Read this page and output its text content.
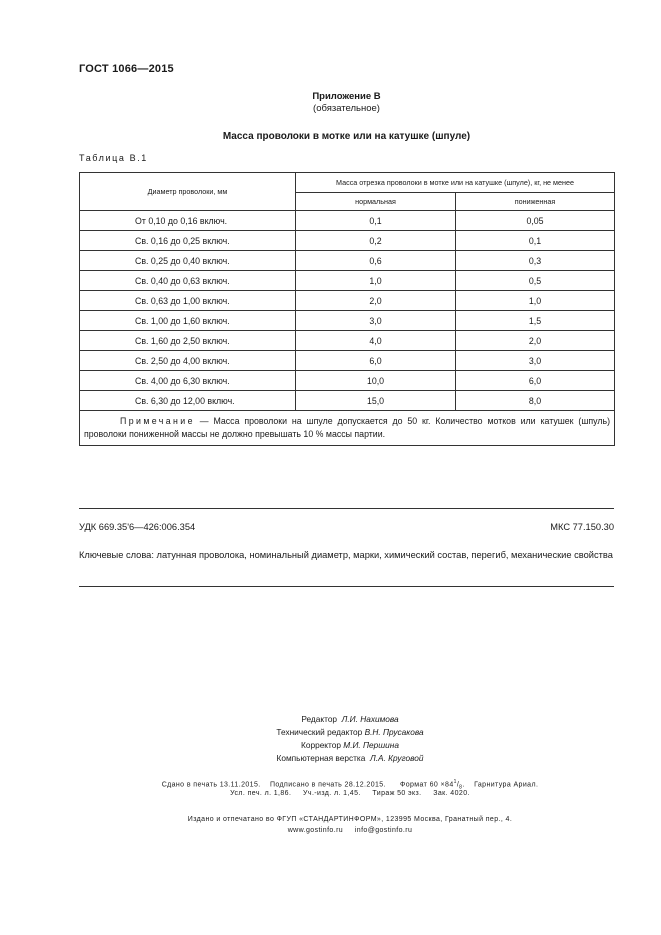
ГОСТ 1066—2015
Приложение В
(обязательное)
Масса проволоки в мотке или на катушке (шпуле)
Таблица В.1
Диаметр проволоки, мм	Масса отрезка проволоки в мотке или на катушке (шпуле), кг, не менее	
	нормальная	пониженная
От 0,10 до 0,16 включ.	0,1	0,05
Св. 0,16 до 0,25 включ.	0,2	0,1
Св. 0,25 до 0,40 включ.	0,6	0,3
Св. 0,40 до 0,63 включ.	1,0	0,5
Св. 0,63 до 1,00 включ.	2,0	1,0
Св. 1,00 до 1,60 включ.	3,0	1,5
Св. 1,60 до 2,50 включ.	4,0	2,0
Св. 2,50 до 4,00 включ.	6,0	3,0
Св. 4,00 до 6,30 включ.	10,0	6,0
Св. 6,30 до 12,00 включ.	15,0	8,0
Примечание — Масса проволоки на шпуле допускается до 50 кг. Количество мотков или катушек (шпуль) проволоки пониженной массы не должно превышать 10 % массы партии.		
УДК 669.35'6—426:006.354	МКС 77.150.30
Ключевые слова: латунная проволока, номинальный диаметр, марки, химический состав, перегиб, механические свойства
Редактор Л.И. Нахимова
Технический редактор В.Н. Прусакова
Корректор М.И. Першина
Компьютерная верстка Л.А. Круговой
Сдано в печать 13.11.2015. Подписано в печать 28.12.2015. Формат $60 \times 84^1/_8$.    Гарнитура Ариал.
Усл. печ. л. 1,86.     Уч.-изд. л. 1,45.     Тираж 50 экз.     Зак. 4020.
Издано и отпечатано во ФГУП «СТАНДАРТИНФОРМ», 123995 Москва, Гранатный пер., 4.
www.gostinfo.ru     info@gostinfo.ru
